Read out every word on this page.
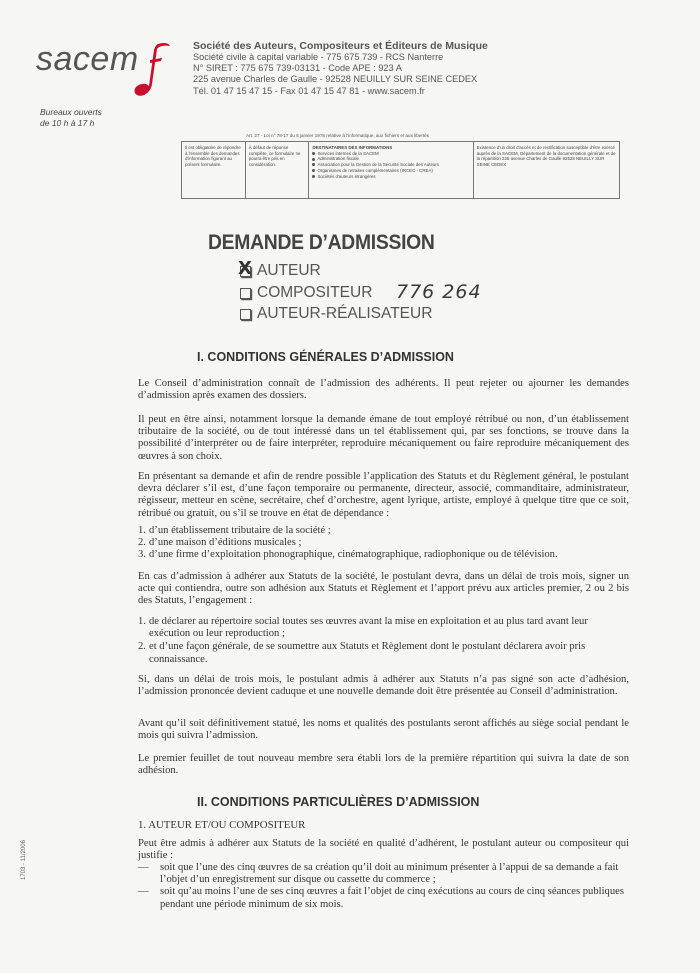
sacem	Société des Auteurs, Compositeurs et Éditeurs de Musique
Société civile à capital variable - 775 675 739 - RCS Nanterre
N° SIRET : 775 675 739-03131 - Code APE : 923 A
225 avenue Charles de Gaulle - 92528 NEUILLY SUR SEINE CEDEX
Tél. 01 47 15 47 15 - Fax 01 47 15 47 81 - www.sacem.fr
Bureaux ouverts
de 10 h à 17 h
Art. 27 - Loi n° 78-17 du 6 janvier 1978 relative à l'informatique, aux fichiers et aux libertés
Il est obligatoire de répondre à l'ensemble des demandes d'information figurant au présent formulaire.
À défaut de réponse complète, ce formulaire ne pourra être pris en considération.
DESTINATAIRES DES INFORMATIONS
Services internes de la SACEM
Administration fiscale
Association pour la Gestion de la Sécurité Sociale des Auteurs
Organismes de retraites complémentaires (IRCEC - CREA)
Sociétés d'auteurs étrangères
Existence d'un droit d'accès et de rectification susceptible d'être exercé auprès de la SACEM, Département de la documentation générale et de la répartition 225 avenue Charles de Gaulle 92528 NEUILLY SUR SEINE CEDEX
DEMANDE D’ADMISSION
X AUTEUR
COMPOSITEUR
AUTEUR-RÉALISATEUR
776 264
I. CONDITIONS GÉNÉRALES D’ADMISSION
Le Conseil d’administration connaît de l’admission des adhérents. Il peut rejeter ou ajourner les demandes d’admission après examen des dossiers.
Il peut en être ainsi, notamment lorsque la demande émane de tout employé rétribué ou non, d’un établissement tributaire de la société, ou de tout intéressé dans un tel établissement qui, par ses fonctions, se trouve dans la possibilité d’interpréter ou de faire interpréter, reproduire mécaniquement ou faire reproduire mécaniquement des œuvres à son choix.
En présentant sa demande et afin de rendre possible l’application des Statuts et du Règlement général, le postulant devra déclarer s’il est, d’une façon temporaire ou permanente, directeur, associé, commanditaire, administrateur, régisseur, metteur en scène, secrétaire, chef d’orchestre, agent lyrique, artiste, employé à quelque titre que ce soit, rétribué ou gratuit, ou s’il se trouve en état de dépendance :
1. d’un établissement tributaire de la société ;
2. d’une maison d’éditions musicales ;
3. d’une firme d’exploitation phonographique, cinématographique, radiophonique ou de télévision.
En cas d’admission à adhérer aux Statuts de la société, le postulant devra, dans un délai de trois mois, signer un acte qui contiendra, outre son adhésion aux Statuts et Règlement et l’apport prévu aux articles premier, 2 ou 2 bis des Statuts, l’engagement :
1. de déclarer au répertoire social toutes ses œuvres avant la mise en exploitation et au plus tard avant leur exécution ou leur reproduction ;
2. et d’une façon générale, de se soumettre aux Statuts et Règlement dont le postulant déclarera avoir pris connaissance.
Si, dans un délai de trois mois, le postulant admis à adhérer aux Statuts n’a pas signé son acte d’adhésion, l’admission prononcée devient caduque et une nouvelle demande doit être présentée au Conseil d’administration.
Avant qu’il soit définitivement statué, les noms et qualités des postulants seront affichés au siège social pendant le mois qui suivra l’admission.
Le premier feuillet de tout nouveau membre sera établi lors de la première répartition qui suivra la date de son adhésion.
II. CONDITIONS PARTICULIÈRES D’ADMISSION
1. AUTEUR ET/OU COMPOSITEUR
Peut être admis à adhérer aux Statuts de la société en qualité d’adhérent, le postulant auteur ou compositeur qui justifie :
— soit que l’une des cinq œuvres de sa création qu’il doit au minimum présenter à l’appui de sa demande a fait l’objet d’un enregistrement sur disque ou cassette du commerce ;
— soit qu’au moins l’une de ses cinq œuvres a fait l’objet de cinq exécutions au cours de cinq séances publiques pendant une période minimum de six mois.
1703 - 11/2006
